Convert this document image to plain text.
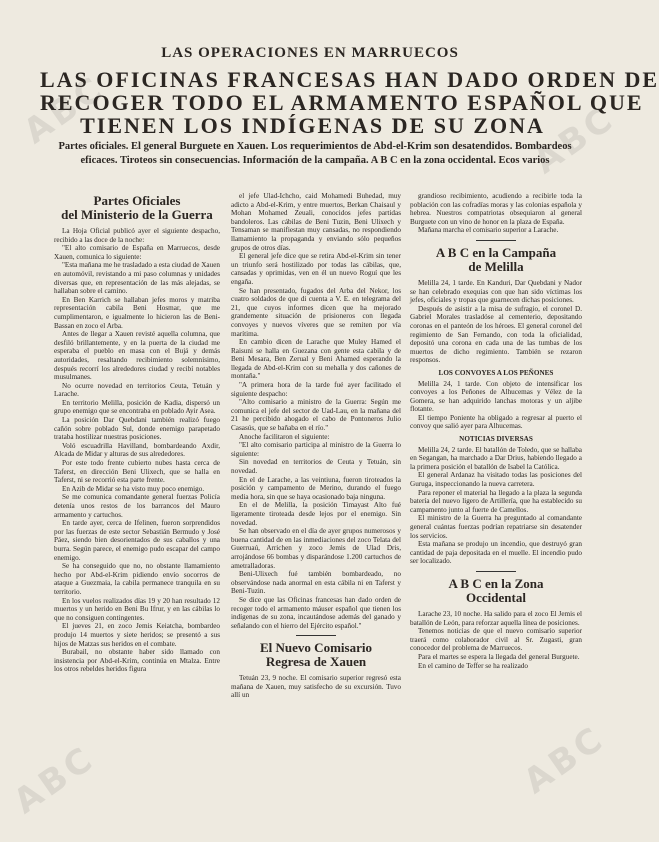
ABC	ABC
ABC
ABC
LAS OPERACIONES EN MARRUECOS
LAS OFICINAS FRANCESAS HAN DADO ORDEN DE
RECOGER TODO EL ARMAMENTO ESPAÑOL QUE
TIENEN LOS INDÍGENAS DE SU ZONA
Partes oficiales. El general Burguete en Xauen. Los requerimientos de Abd-el-Krim son desatendidos. Bombardeos eficaces. Tiroteos sin consecuencias. Información de la campaña. A B C en la zona occidental. Ecos varios
Partes Oficiales
del Ministerio de la Guerra

La Hoja Oficial publicó ayer el siguiente despacho, recibido a las doce de la noche:

"El alto comisario de España en Marruecos, desde Xauen, comunica lo siguiente:

"Esta mañana me he trasladado a esta ciudad de Xauen en automóvil, revistando a mi paso columnas y unidades diversas que, en representación de las más alejadas, se hallaban sobre el camino.

En Ben Karrich se hallaban jefes moros y matriba representación cabila Beni Hosmar, que me cumplimentaron, e igualmente lo hicieron las de Beni-Bassan en zoco el Arba.

Antes de llegar a Xauen revisté aquella columna, que desfiló brillantemente, y en la puerta de la ciudad me esperaba el pueblo en masa con el Bujá y demás autoridades, resaltando recibimiento solemnísimo, después recorrí los alrededores ciudad y recibí notables musulmanes.

No ocurre novedad en territorios Ceuta, Tetuán y Larache.

En territorio Melilla, posición de Kadia, dispersó un grupo enemigo que se encontraba en poblado Ayir Asea.

La posición Dar Quebdani también realizó fuego cañón sobre poblado Sul, donde enemigo parapetado trataba hostilizar nuestras posiciones.

Voló escuadrilla Havilland, bombardeando Axdir, Alcada de Midar y alturas de sus alrededores.

Por este todo frente cubierto nubes hasta cerca de Taferst, en dirección Beni Ulixech, que se halla en Taferst, ni se recorrió esta parte frente.

En Azib de Midar se ha visto muy poco enemigo.

Se me comunica comandante general fuerzas Policía detenía unos restos de los barrancos del Mauro armamento y cartuchos.

En tarde ayer, cerca de Ifelinen, fueron sorprendidos por las fuerzas de este sector Sebastián Bermudo y José Páez, siendo bien desorientados de sus caballos y una burra. Según parece, el enemigo pudo escapar del campo enemigo.

Se ha conseguido que no, no obstante llamamiento hecho por Abd-el-Krim pidiendo envío socorros de ataque a Guezmaia, la cabila permanece tranquila en su territorio.

En los vuelos realizados días 19 y 20 han resultado 12 muertos y un herido en Beni Bu Ifrur, y en las cábilas lo que no consiguen contingentes.

El jueves 21, en zoco Jemis Keiatcha, bombardeo produjo 14 muertos y siete heridos; se presentó a sus hijos de Matzas sus heridos en el combate.

Burabail, no obstante haber sido llamado con insistencia por Abd-el-Krim, continúa en Mtalza. Entre los otros rebeldes heridos figura

el jefe Ulad-Ichcho, caid Mohamedi Buhedad, muy adicto a Abd-el-Krim, y entre muertos, Berkan Chaisaul y Mohan Mohamed Zeuali, conocidos jefes partidas bandoleros. Las cábilas de Beni Tuzin, Beni Ulixech y Tensaman se manifiestan muy cansadas, no respondiendo llamamiento la propaganda y enviando sólo pequeños grupos de otros días.

El general jefe dice que se retira Abd-el-Krim sin tener un triunfo será hostilizado por todas las cábilas, que, cansadas y oprimidas, ven en él un nuevo Roguí que les engaña.

Se han presentado, fugados del Arba del Nekor, los cuatro soldados de que di cuenta a V. E. en telegrama del 21, que cuyos informes dicen que ha mejorado grandemente situación de prisioneros con llegada convoyes y nuevos víveres que se remiten por vía marítima.

En cambio dicen de Larache que Muley Hamed el Raisuni se halla en Guezana con gente esta cabila y de Beni Mesara, Ben Zerual y Beni Ahamed esperando la llegada de Abd-el-Krim con su mehalla y dos cañones de montaña."

"A primera hora de la tarde fué ayer facilitado el siguiente despacho:

"Alto comisario a ministro de la Guerra: Según me comunica el jefe del sector de Uad-Lau, en la mañana del 21 he percibido ahogado el cabo de Pontoneros Julio Casasús, que se bañaba en el río."

Anoche facilitaron el siguiente:

"El alto comisario participa al ministro de la Guerra lo siguiente:

Sin novedad en territorios de Ceuta y Tetuán, sin novedad.

En el de Larache, a las veintiuna, fueron tiroteados la posición y campamento de Merino, durando el fuego media hora, sin que se haya ocasionado baja ninguna.

En el de Melilla, la posición Timayast Alto fué ligeramente tiroteada desde lejos por el enemigo. Sin novedad.

Se han observado en el día de ayer grupos numerosos y buena cantidad de en las inmediaciones del zoco Telata del Guerruaú, Arrichen y zoco Jemis de Ulad Dris, arrojándose 66 bombas y disparándose 1.200 cartuchos de ametralladoras.

Beni-Ulixech fué también bombardeado, no observándose nada anormal en esta cábila ni en Taferst y Beni-Tuzin.

Se dice que las Oficinas francesas han dado orden de recoger todo el armamento máuser español que tienen los indígenas de su zona, incautándose además del ganado y señalando con el hierro del Ejército español."

El Nuevo Comisario
Regresa de Xauen

Tetuán 23, 9 noche. El comisario superior regresó esta mañana de Xauen, muy satisfecho de su excursión. Tuvo allí un

grandioso recibimiento, acudiendo a recibirle toda la población con las cofradías moras y las colonias española y hebrea. Nuestros compatriotas obsequiaron al general Burguete con un vino de honor en la plaza de España.

Mañana marcha el comisario superior a Larache.

A B C en la Campaña
de Melilla

Melilla 24, 1 tarde. En Kanduri, Dar Quebdani y Nador se han celebrado exequias con que han sido víctimas los jefes, oficiales y tropas que guarnecen dichas posiciones.

Después de asistir a la misa de sufragio, el coronel D. Gabriel Morales trasladóse al cementerio, depositando coronas en el panteón de los héroes. El general coronel del regimiento de San Fernando, con toda la oficialidad, depositó una corona en cada una de las tumbas de los muertos de dicho regimiento. También se rezaron responsos.

LOS CONVOYES A LOS PEÑONES

Melilla 24, 1 tarde. Con objeto de intensificar los convoyes a los Peñones de Alhucemas y Vélez de la Gomera, se han adquirido lanchas motoras y un aljibe flotante.

El tiempo Poniente ha obligado a regresar al puerto el convoy que salió ayer para Alhucemas.

NOTICIAS DIVERSAS

Melilla 24, 2 tarde. El batallón de Toledo, que se hallaba en Segangan, ha marchado a Dar Drius, habiendo llegado a la primera posición el batallón de Isabel la Católica.

El general Ardanaz ha visitado todas las posiciones del Guruga, inspeccionando la nueva carretera.

Para reponer el material ha llegado a la plaza la segunda batería del nuevo ligero de Artillería, que ha establecido su campamento junto al fuerte de Camellos.

El ministro de la Guerra ha preguntado al comandante general cuántas fuerzas podrían repatriarse sin desatender los servicios.

Esta mañana se produjo un incendio, que destruyó gran cantidad de paja depositada en el muelle. El incendio pudo ser localizado.

A B C en la Zona
Occidental

Larache 23, 10 noche. Ha salido para el zoco El Jemis el batallón de León, para reforzar aquella línea de posiciones.

Tenemos noticias de que el nuevo comisario superior traerá como colaborador civil al Sr. Zugasti, gran conocedor del problema de Marruecos.

Para el martes se espera la llegada del general Burguete.

En el camino de Teffer se ha realizado
